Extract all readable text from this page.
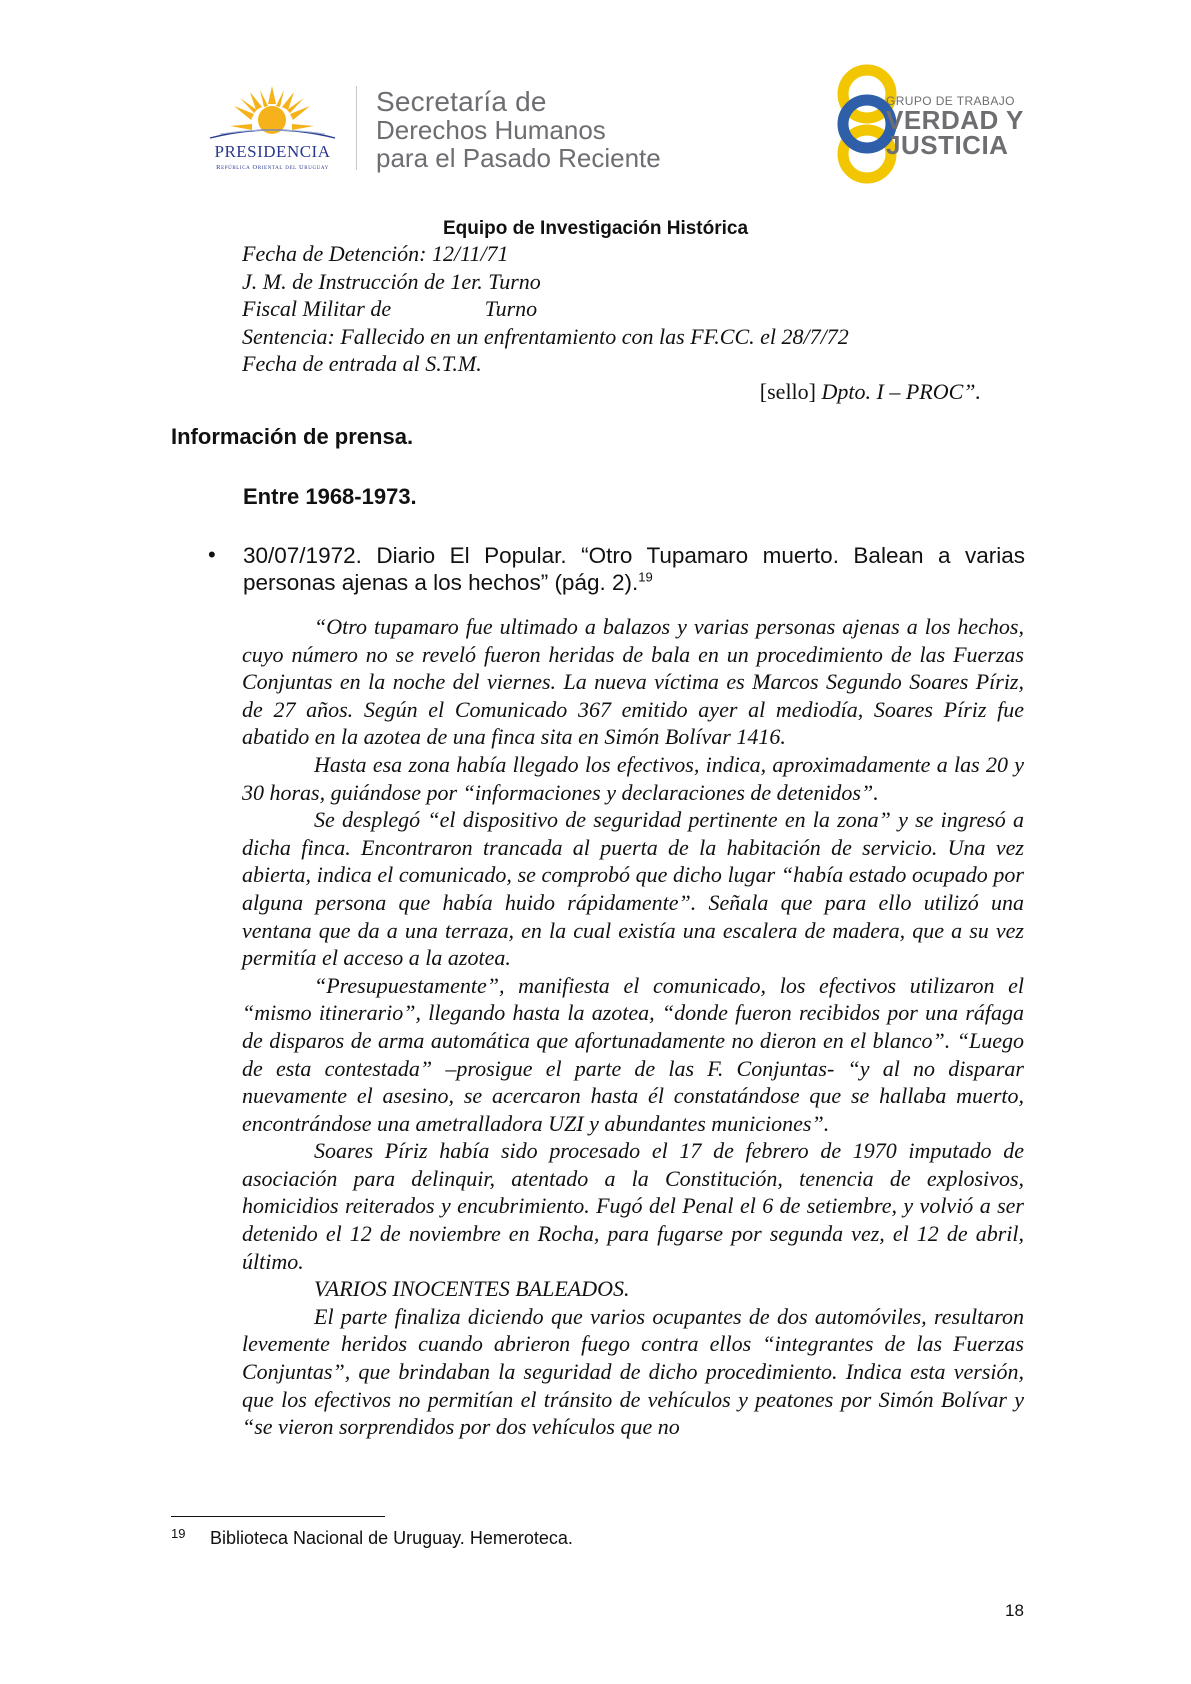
PRESIDENCIA
República Oriental del Uruguay
Secretaría de
Derechos Humanos
para el Pasado Reciente
GRUPO DE TRABAJO
VERDAD Y
JUSTICIA
Equipo de Investigación Histórica
Fecha de Detención: 12/11/71
J. M. de Instrucción de 1er. Turno
Fiscal Militar de                 Turno
Sentencia: Fallecido en un enfrentamiento con las FF.CC. el 28/7/72
Fecha de entrada al S.T.M.
[sello] Dpto. I – PROC”.
Información de prensa.
Entre 1968-1973.
• 30/07/1972. Diario El Popular. “Otro Tupamaro muerto. Balean a varias personas ajenas a los hechos” (pág. 2).$^{19}$

“Otro tupamaro fue ultimado a balazos y varias personas ajenas a los hechos, cuyo número no se reveló fueron heridas de bala en un procedimiento de las Fuerzas Conjuntas en la noche del viernes. La nueva víctima es Marcos Segundo Soares Píriz, de 27 años. Según el Comunicado 367 emitido ayer al mediodía, Soares Píriz fue abatido en la azotea de una finca sita en Simón Bolívar 1416.

Hasta esa zona había llegado los efectivos, indica, aproximadamente a las 20 y 30 horas, guiándose por “informaciones y declaraciones de detenidos”.

Se desplegó “el dispositivo de seguridad pertinente en la zona” y se ingresó a dicha finca. Encontraron trancada al puerta de la habitación de servicio. Una vez abierta, indica el comunicado, se comprobó que dicho lugar “había estado ocupado por alguna persona que había huido rápidamente”. Señala que para ello utilizó una ventana que da a una terraza, en la cual existía una escalera de madera, que a su vez permitía el acceso a la azotea.

“Presupuestamente”, manifiesta el comunicado, los efectivos utilizaron el “mismo itinerario”, llegando hasta la azotea, “donde fueron recibidos por una ráfaga de disparos de arma automática que afortunadamente no dieron en el blanco”. “Luego de esta contestada” –prosigue el parte de las F. Conjuntas- “y al no disparar nuevamente el asesino, se acercaron hasta él constatándose que se hallaba muerto, encontrándose una ametralladora UZI y abundantes municiones”.

Soares Píriz había sido procesado el 17 de febrero de 1970 imputado de asociación para delinquir, atentado a la Constitución, tenencia de explosivos, homicidios reiterados y encubrimiento. Fugó del Penal el 6 de setiembre, y volvió a ser detenido el 12 de noviembre en Rocha, para fugarse por segunda vez, el 12 de abril, último.

VARIOS INOCENTES BALEADOS.

El parte finaliza diciendo que varios ocupantes de dos automóviles, resultaron levemente heridos cuando abrieron fuego contra ellos “integrantes de las Fuerzas Conjuntas”, que brindaban la seguridad de dicho procedimiento. Indica esta versión, que los efectivos no permitían el tránsito de vehículos y peatones por Simón Bolívar y “se vieron sorprendidos por dos vehículos que no

19 Biblioteca Nacional de Uruguay. Hemeroteca.
18
